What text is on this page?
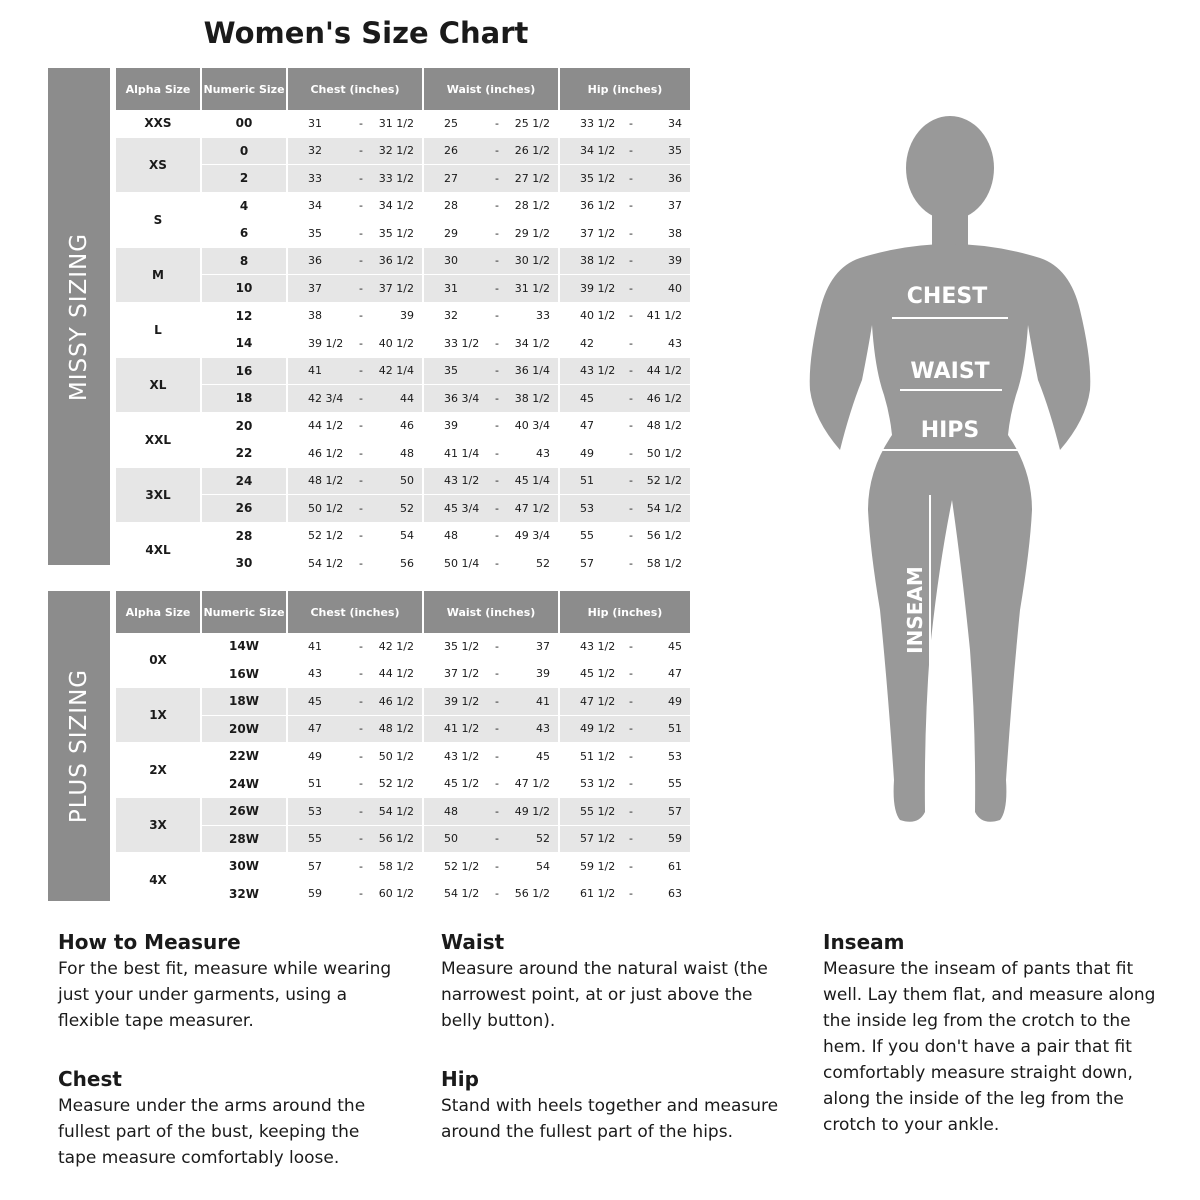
Women's Size Chart
MISSY SIZING
Alpha Size	Numeric Size	Chest (inches)	Waist (inches)	Hip (inches)
XXS	00	31 - 31 1/2	25 - 25 1/2	33 1/2 - 34

XS	0	32 - 32 1/2	26 - 26 1/2	34 1/2 - 35

	2	33 - 33 1/2	27 - 27 1/2	35 1/2 - 36

S	4	34 - 34 1/2	28 - 28 1/2	36 1/2 - 37

	6	35 - 35 1/2	29 - 29 1/2	37 1/2 - 38

M	8	36 - 36 1/2	30 - 30 1/2	38 1/2 - 39

	10	37 - 37 1/2	31 - 31 1/2	39 1/2 - 40

L	12	38 - 39	32 - 33	40 1/2 - 41 1/2

	14	39 1/2 - 40 1/2	33 1/2 - 34 1/2	42 - 43

XL	16	41 - 42 1/4	35 - 36 1/4	43 1/2 - 44 1/2

	18	42 3/4 - 44	36 3/4 - 38 1/2	45 - 46 1/2

XXL	20	44 1/2 - 46	39 - 40 3/4	47 - 48 1/2

	22	46 1/2 - 48	41 1/4 - 43	49 - 50 1/2

3XL	24	48 1/2 - 50	43 1/2 - 45 1/4	51 - 52 1/2

	26	50 1/2 - 52	45 3/4 - 47 1/2	53 - 54 1/2

4XL	28	52 1/2 - 54	48 - 49 3/4	55 - 56 1/2

	30	54 1/2 - 56	50 1/4 - 52	57 - 58 1/2
PLUS SIZING
Alpha Size	Numeric Size	Chest (inches)	Waist (inches)	Hip (inches)
0X	14W	41 - 42 1/2	35 1/2 - 37	43 1/2 - 45

	16W	43 - 44 1/2	37 1/2 - 39	45 1/2 - 47

1X	18W	45 - 46 1/2	39 1/2 - 41	47 1/2 - 49

	20W	47 - 48 1/2	41 1/2 - 43	49 1/2 - 51

2X	22W	49 - 50 1/2	43 1/2 - 45	51 1/2 - 53

	24W	51 - 52 1/2	45 1/2 - 47 1/2	53 1/2 - 55

3X	26W	53 - 54 1/2	48 - 49 1/2	55 1/2 - 57

	28W	55 - 56 1/2	50 - 52	57 1/2 - 59

4X	30W	57 - 58 1/2	52 1/2 - 54	59 1/2 - 61

	32W	59 - 60 1/2	54 1/2 - 56 1/2	61 1/2 - 63
CHEST
WAIST
HIPS
INSEAM
How to Measure

For the best fit, measure while wearing just your under garments, using a flexible tape measurer.

Chest

Measure under the arms around the fullest part of the bust, keeping the tape measure comfortably loose.

Waist

Measure around the natural waist (the narrowest point, at or just above the belly button).

Hip

Stand with heels together and measure around the fullest part of the hips.

Inseam

Measure the inseam of pants that fit well. Lay them flat, and measure along the inside leg from the crotch to the hem. If you don't have a pair that fit comfortably measure straight down, along the inside of the leg from the crotch to your ankle.
